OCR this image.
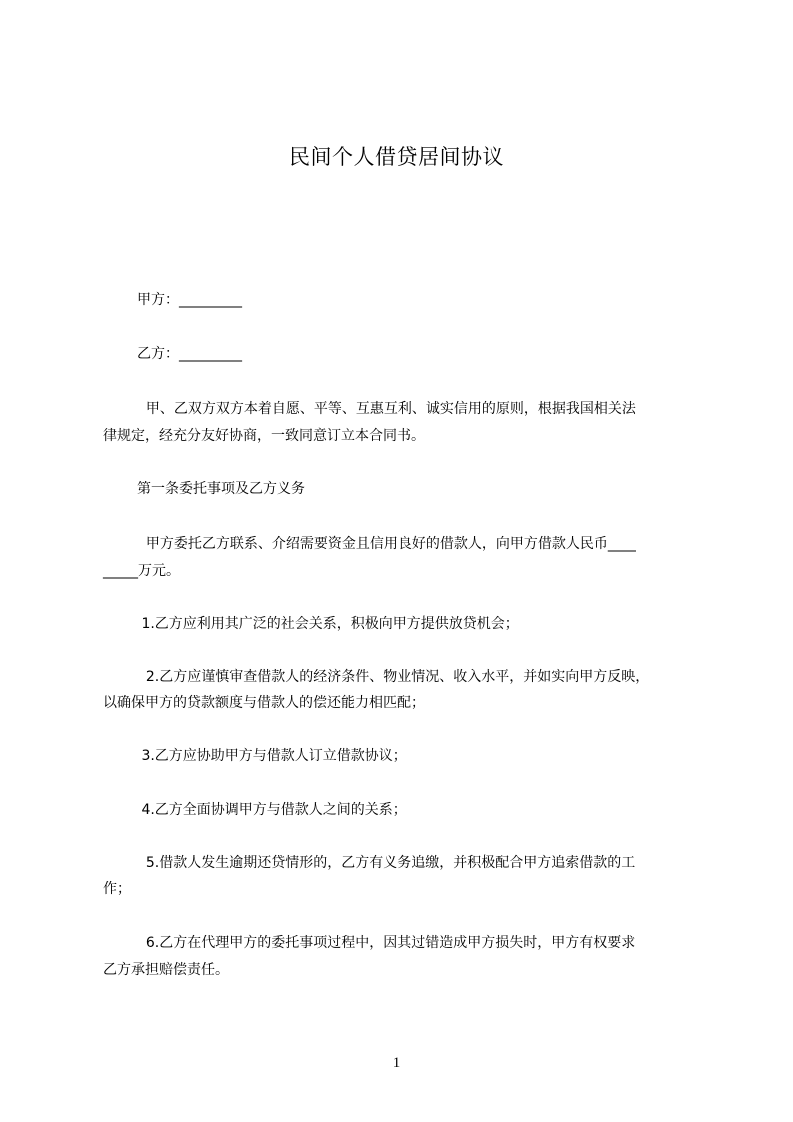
民间个人借贷居间协议
甲方：_________
乙方：_________
甲、乙双方双方本着自愿、平等、互惠互利、诚实信用的原则，根据我国相关法
律规定，经充分友好协商，一致同意订立本合同书。
第一条委托事项及乙方义务
甲方委托乙方联系、介绍需要资金且信用良好的借款人，向甲方借款人民币____
_____万元。
1.乙方应利用其广泛的社会关系，积极向甲方提供放贷机会；
2.乙方应谨慎审查借款人的经济条件、物业情况、收入水平，并如实向甲方反映，
以确保甲方的贷款额度与借款人的偿还能力相匹配；
3.乙方应协助甲方与借款人订立借款协议；
4.乙方全面协调甲方与借款人之间的关系；
5.借款人发生逾期还贷情形的，乙方有义务追缴，并积极配合甲方追索借款的工
作；
6.乙方在代理甲方的委托事项过程中，因其过错造成甲方损失时，甲方有权要求
乙方承担赔偿责任。
1
